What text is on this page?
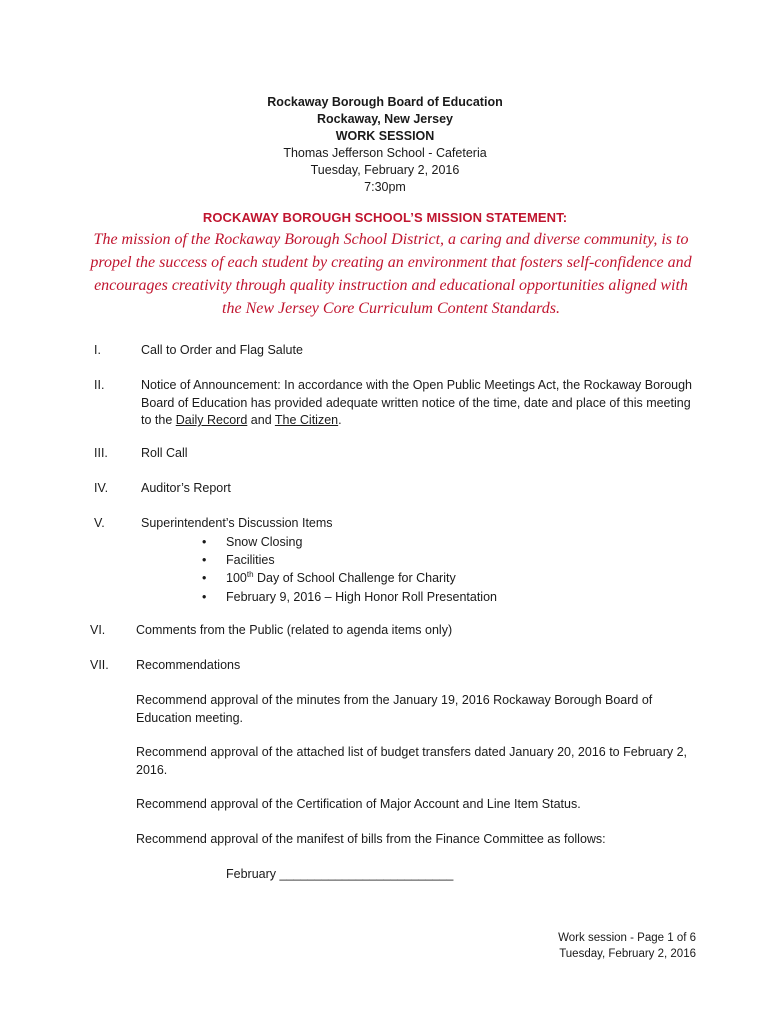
Rockaway Borough Board of Education
Rockaway, New Jersey
WORK SESSION
Thomas Jefferson School - Cafeteria
Tuesday, February 2, 2016
7:30pm
ROCKAWAY BOROUGH SCHOOL’S MISSION STATEMENT:
The mission of the Rockaway Borough School District, a caring and diverse community, is to propel the success of each student by creating an environment that fosters self-confidence and encourages creativity through quality instruction and educational opportunities aligned with the New Jersey Core Curriculum Content Standards.
I.	Call to Order and Flag Salute
II.	Notice of Announcement: In accordance with the Open Public Meetings Act, the Rockaway Borough Board of Education has provided adequate written notice of the time, date and place of this meeting to the Daily Record and The Citizen.
III.	Roll Call
IV.	Auditor’s Report
V.	Superintendent’s Discussion Items
• Snow Closing
• Facilities
• 100th Day of School Challenge for Charity
• February 9, 2016 – High Honor Roll Presentation
VI. Comments from the Public (related to agenda items only)
VII. Recommendations
Recommend approval of the minutes from the January 19, 2016 Rockaway Borough Board of Education meeting.
Recommend approval of the attached list of budget transfers dated January 20, 2016 to February 2, 2016.
Recommend approval of the Certification of Major Account and Line Item Status.
Recommend approval of the manifest of bills from the Finance Committee as follows:
February _________________________
Work session - Page 1 of 6
Tuesday, February 2, 2016
